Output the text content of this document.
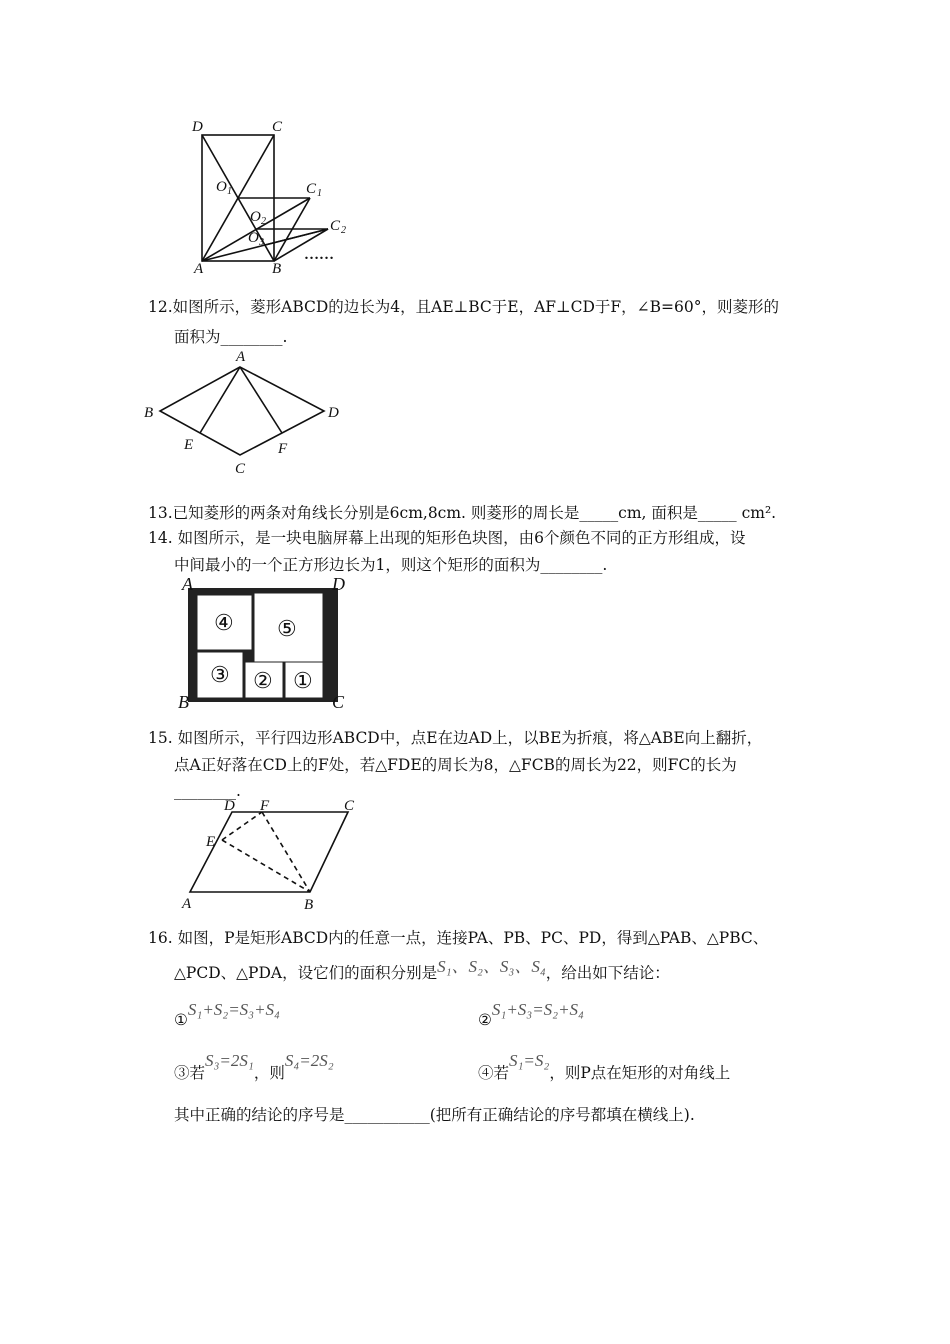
D	C
A	B
O 1
O 2
O 3
C 1
C 2
……
12.如图所示，菱形ABCD的边长为4，且AE⊥BC于E，AF⊥CD于F，∠B=60°，则菱形的
面积为________.
A
B	D
C
E	F
13.已知菱形的两条对角线长分别是6cm,8cm. 则菱形的周长是_____cm, 面积是_____ cm².
14. 如图所示，是一块电脑屏幕上出现的矩形色块图，由6个颜色不同的正方形组成，设
中间最小的一个正方形边长为1，则这个矩形的面积为________.
④ ⑤
③ ② ①
A	D
B	C
15. 如图所示，平行四边形ABCD中，点E在边AD上，以BE为折痕，将△ABE向上翻折，
点A正好落在CD上的F处，若△FDE的周长为8，△FCB的周长为22，则FC的长为
________.
D F	C
E
A	B
16. 如图，P是矩形ABCD内的任意一点，连接PA、PB、PC、PD，得到△PAB、△PBC、
△PCD、△PDA，设它们的面积分别是S₁、S₂、S₃、S₄，给出如下结论：
①S₁+S₂=S₃+S₄
②S₁+S₃=S₂+S₄
③若S₃=2S₁，则S₄=2S₂
④若S₁=S₂，则P点在矩形的对角线上
其中正确的结论的序号是___________(把所有正确结论的序号都填在横线上).
